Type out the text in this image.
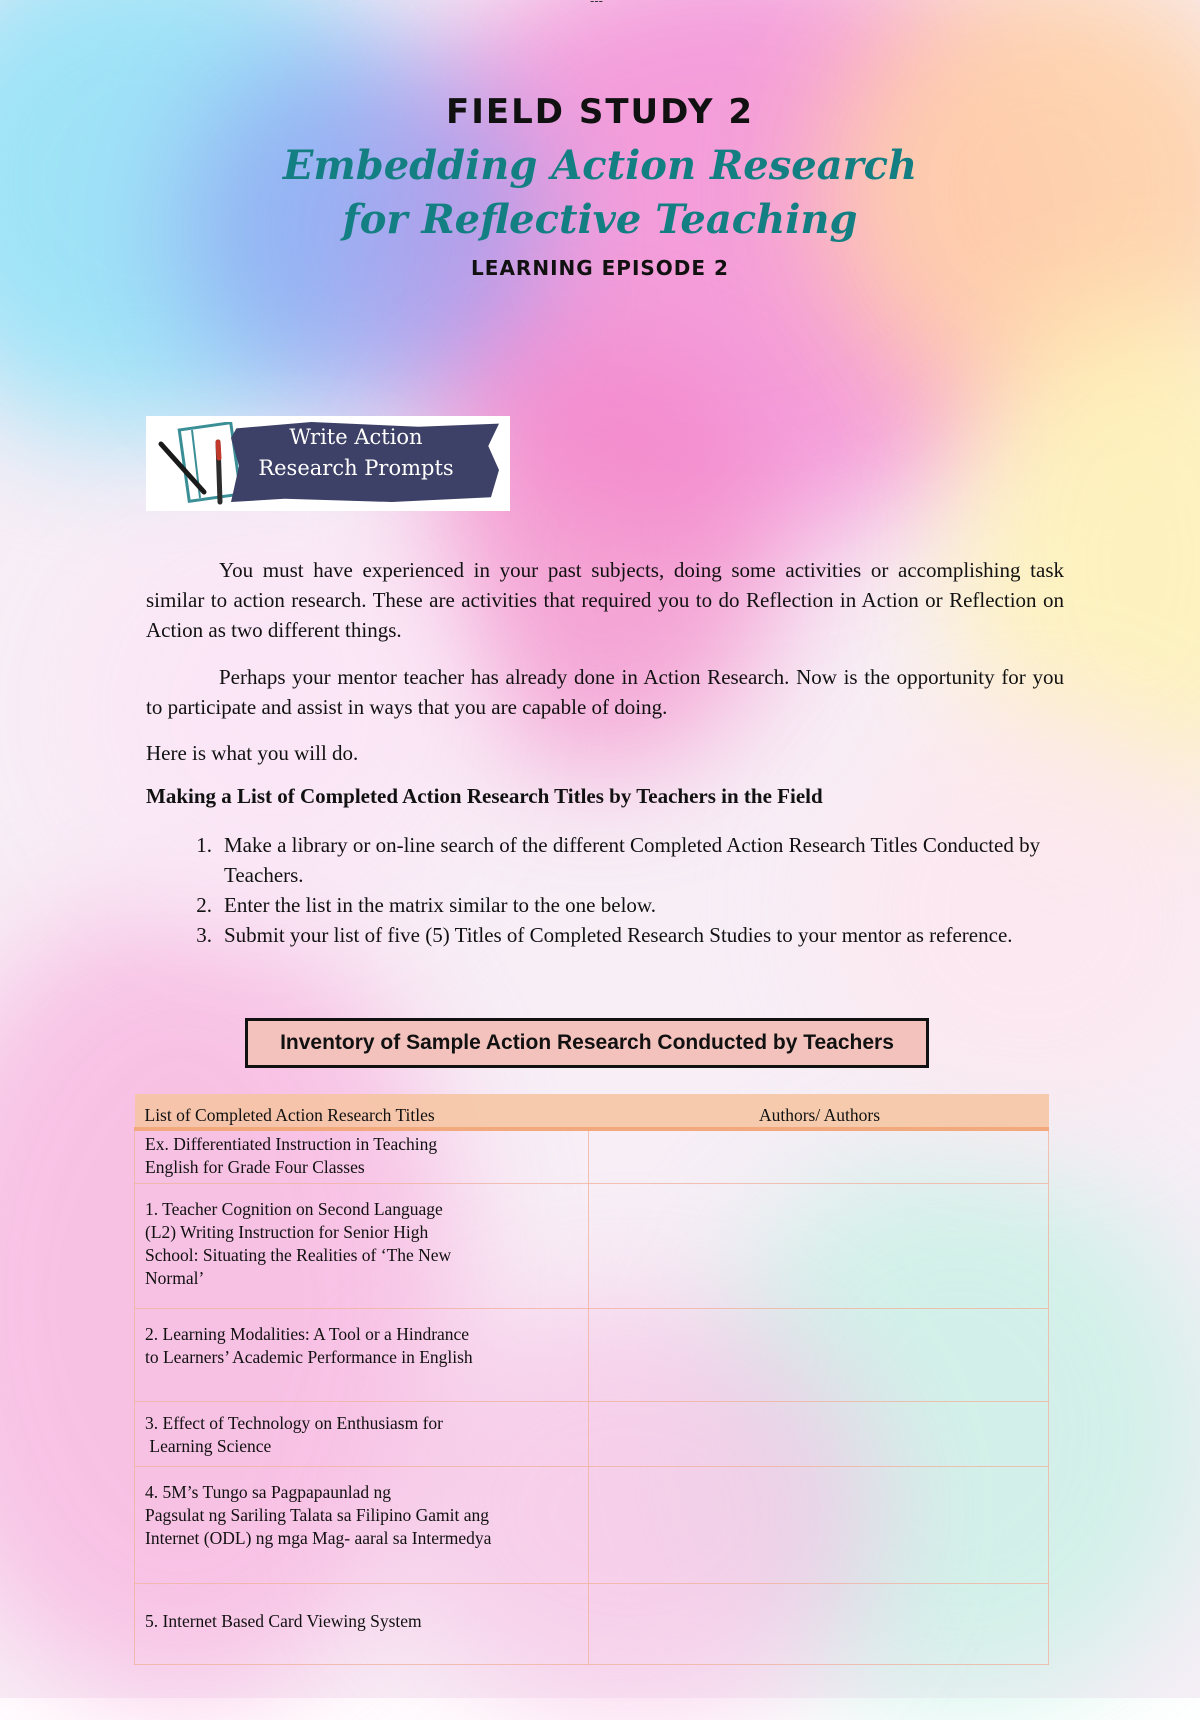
---
FIELD STUDY 2
Embedding Action Research
for Reflective Teaching
LEARNING EPISODE 2
Write Action
Research Prompts

You must have experienced in your past subjects, doing some activities or accomplishing task similar to action research. These are activities that required you to do Reflection in Action or Reflection on Action as two different things.

Perhaps your mentor teacher has already done in Action Research. Now is the opportunity for you to participate and assist in ways that you are capable of doing.

Here is what you will do.

Making a List of Completed Action Research Titles by Teachers in the Field

1. Make a library or on-line search of the different Completed Action Research Titles Conducted by Teachers.
2. Enter the list in the matrix similar to the one below.
3. Submit your list of five (5) Titles of Completed Research Studies to your mentor as reference.
Inventory of Sample Action Research Conducted by Teachers
List of Completed Action Research Titles	Authors/ Authors

Ex. Differentiated Instruction in Teaching
English for Grade Four Classes	

1. Teacher Cognition on Second Language
(L2) Writing Instruction for Senior High
School: Situating the Realities of ‘The New
Normal’	

2. Learning Modalities: A Tool or a Hindrance
to Learners’ Academic Performance in English	

3. Effect of Technology on Enthusiasm for
Learning Science	

4. 5M’s Tungo sa Pagpapaunlad ng
Pagsulat ng Sariling Talata sa Filipino Gamit ang
Internet (ODL) ng mga Mag- aaral sa Intermedya	

5. Internet Based Card Viewing System	
